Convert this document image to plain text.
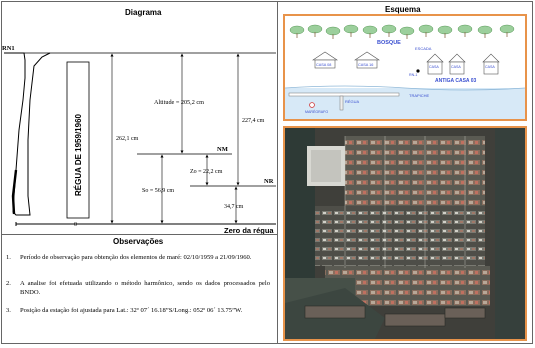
Diagrama
RN1
RÉGUA DE 1959/1960
0
Zero da régua
NM
NR
262,1 cm
Altitude = 205,2 cm
227,4 cm
So = 56,9 cm
Zo = 22,2 cm
34,7 cm
Observações
1. Período de observação para obtenção dos elementos de maré: 02/10/1959 a 21/09/1960.
2. A analise foi efetuada utilizando o método harmônico, sendo os dados processados pelo BNDO.
3. Posição da estação foi ajustada para Lat.: 32º 07´ 16.18”S/Long.: 052º 06´ 13.75”W.
Esquema
BOSQUE
ESCADA
CASA 08	CASA 16	CASA	CASA	CASA
RN-1
ANTIGA CASA 03
TRAPICHE
RÉGUA
MARÉGRAFO
